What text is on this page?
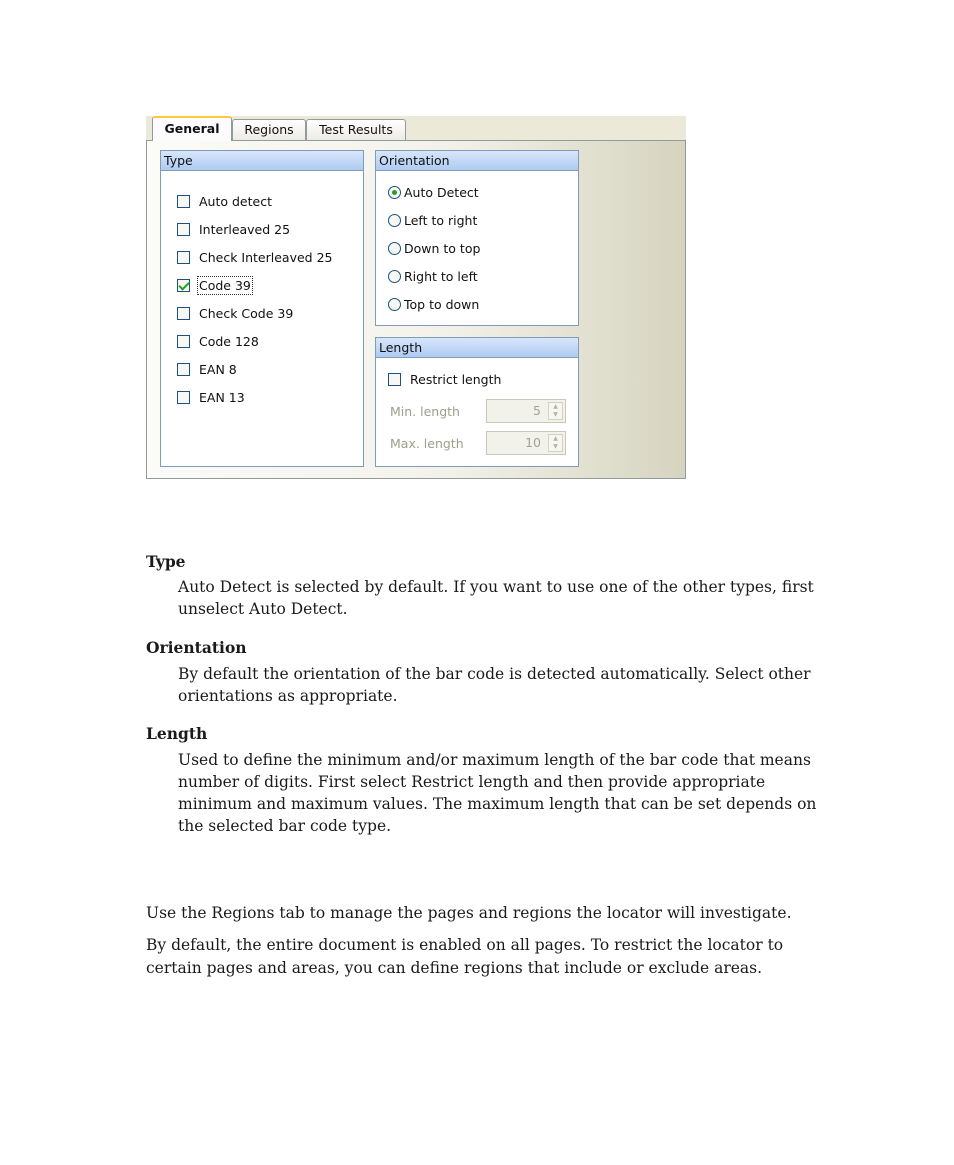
General	Regions	Test Results
Type
Auto detect
Interleaved 25
Check Interleaved 25
Code 39
Check Code 39
Code 128
EAN 8
EAN 13
Orientation
Auto Detect
Left to right
Down to top
Right to left
Top to down
Length
Restrict length
Min. length	5	▲
▼
Max. length	10	▲
▼
Type
Auto Detect is selected by default. If you want to use one of the other types, first unselect Auto Detect.
Orientation
By default the orientation of the bar code is detected automatically. Select other orientations as appropriate.
Length
Used to define the minimum and/or maximum length of the bar code that means number of digits. First select Restrict length and then provide appropriate minimum and maximum values. The maximum length that can be set depends on the selected bar code type.
Use the Regions tab to manage the pages and regions the locator will investigate.
By default, the entire document is enabled on all pages. To restrict the locator to certain pages and areas, you can define regions that include or exclude areas.
